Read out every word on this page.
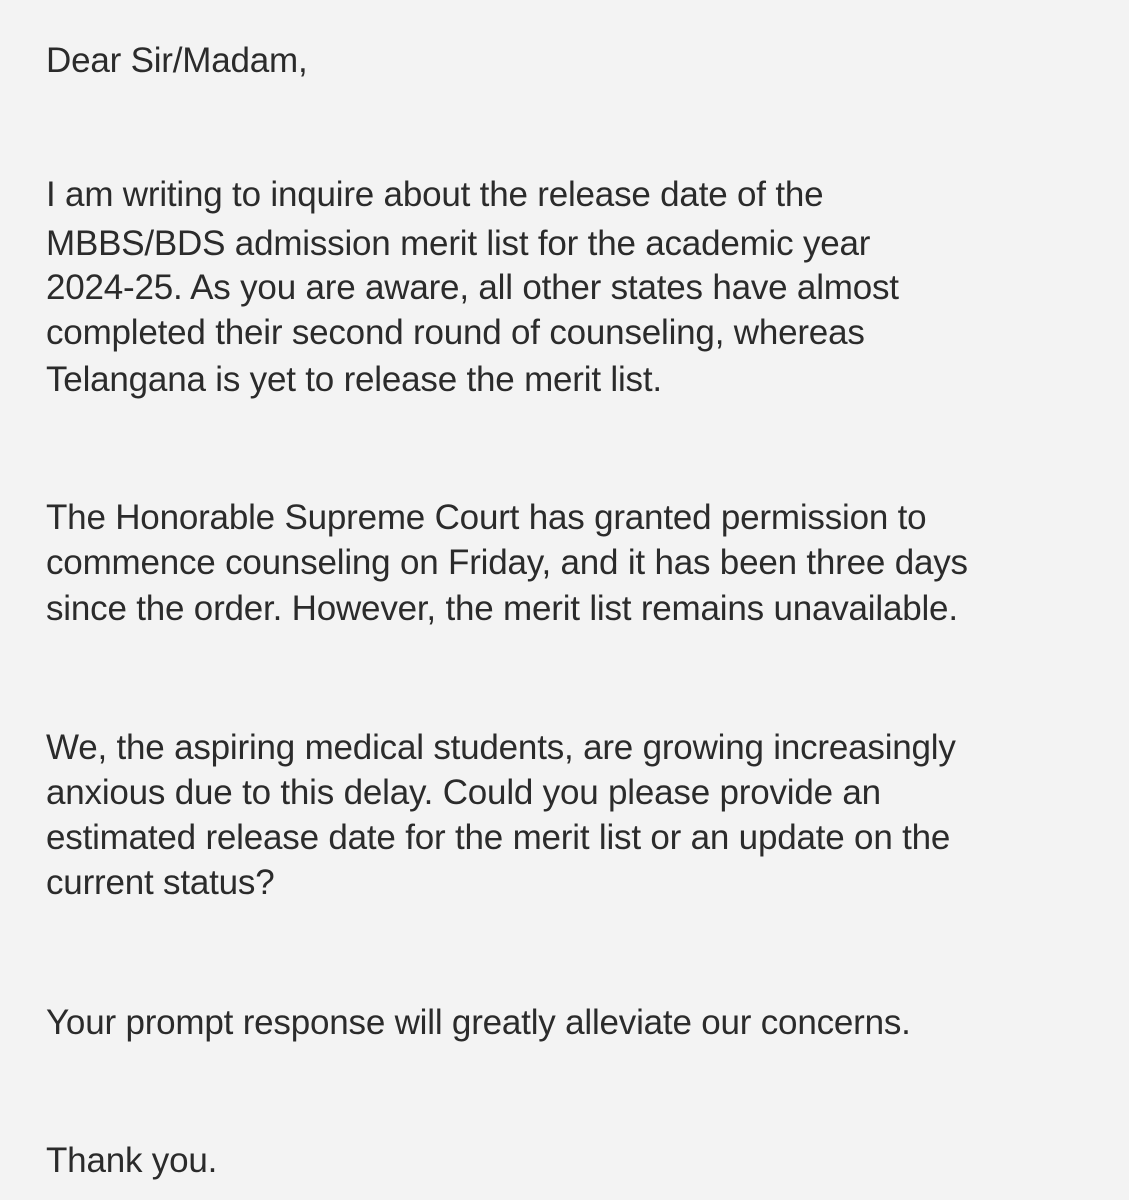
Dear Sir/Madam,

I am writing to inquire about the release date of the

MBBS/BDS admission merit list for the academic year

2024-25. As you are aware, all other states have almost

completed their second round of counseling, whereas

Telangana is yet to release the merit list.

The Honorable Supreme Court has granted permission to

commence counseling on Friday, and it has been three days

since the order. However, the merit list remains unavailable.

We, the aspiring medical students, are growing increasingly

anxious due to this delay. Could you please provide an

estimated release date for the merit list or an update on the

current status?

Your prompt response will greatly alleviate our concerns.

Thank you.
